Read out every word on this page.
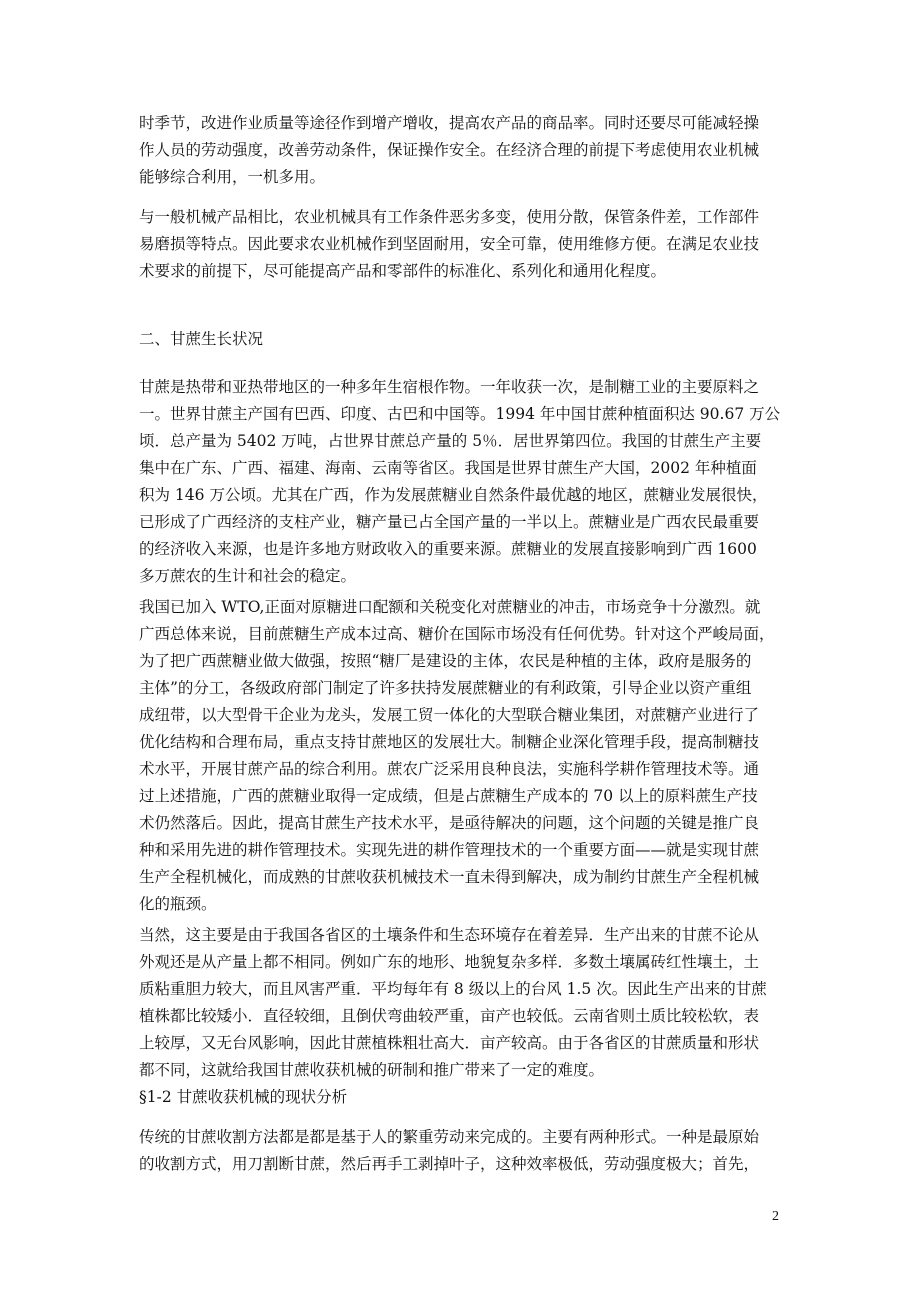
时季节，改进作业质量等途径作到增产增收，提高农产品的商品率。同时还要尽可能减轻操
作人员的劳动强度，改善劳动条件，保证操作安全。在经济合理的前提下考虑使用农业机械
能够综合利用，一机多用。
与一般机械产品相比，农业机械具有工作条件恶劣多变，使用分散，保管条件差，工作部件
易磨损等特点。因此要求农业机械作到坚固耐用，安全可靠，使用维修方便。在满足农业技
术要求的前提下，尽可能提高产品和零部件的标准化、系列化和通用化程度。
二、甘蔗生长状况
甘蔗是热带和亚热带地区的一种多年生宿根作物。一年收获一次，是制糖工业的主要原料之
一。世界甘蔗主产国有巴西、印度、古巴和中国等。1994 年中国甘蔗种植面积达 90.67 万公
顷．总产量为 5402 万吨，占世界甘蔗总产量的 5％．居世界第四位。我国的甘蔗生产主要
集中在广东、广西、福建、海南、云南等省区。我国是世界甘蔗生产大国，2002 年种植面
积为 146 万公顷。尤其在广西，作为发展蔗糖业自然条件最优越的地区，蔗糖业发展很快，
已形成了广西经济的支柱产业，糖产量已占全国产量的一半以上。蔗糖业是广西农民最重要
的经济收入来源，也是许多地方财政收入的重要来源。蔗糖业的发展直接影响到广西 1600
多万蔗农的生计和社会的稳定。
我国已加入 WTO,正面对原糖进口配额和关税变化对蔗糖业的冲击，市场竞争十分激烈。就
广西总体来说，目前蔗糖生产成本过高、糖价在国际市场没有任何优势。针对这个严峻局面，
为了把广西蔗糖业做大做强，按照“糖厂是建设的主体，农民是种植的主体，政府是服务的
主体”的分工，各级政府部门制定了许多扶持发展蔗糖业的有利政策，引导企业以资产重组
成纽带，以大型骨干企业为龙头，发展工贸一体化的大型联合糖业集团，对蔗糖产业进行了
优化结构和合理布局，重点支持甘蔗地区的发展壮大。制糖企业深化管理手段，提高制糖技
术水平，开展甘蔗产品的综合利用。蔗农广泛采用良种良法，实施科学耕作管理技术等。通
过上述措施，广西的蔗糖业取得一定成绩，但是占蔗糖生产成本的 70 以上的原料蔗生产技
术仍然落后。因此，提高甘蔗生产技术水平，是亟待解决的问题，这个问题的关键是推广良
种和采用先进的耕作管理技术。实现先进的耕作管理技术的一个重要方面——就是实现甘蔗
生产全程机械化，而成熟的甘蔗收获机械技术一直未得到解决，成为制约甘蔗生产全程机械
化的瓶颈。
当然，这主要是由于我国各省区的土壤条件和生态环境存在着差异．生产出来的甘蔗不论从
外观还是从产量上都不相同。例如广东的地形、地貌复杂多样．多数土壤属砖红性壤土，土
质粘重胆力较大，而且风害严重．平均每年有 8 级以上的台风 1.5 次。因此生产出来的甘蔗
植株都比较矮小．直径较细，且倒伏弯曲较严重，亩产也较低。云南省则土质比较松软，表
上较厚，又无台风影响，因此甘蔗植株粗壮高大．亩产较高。由于各省区的甘蔗质量和形状
都不同，这就给我国甘蔗收获机械的研制和推广带来了一定的难度。
§1-2 甘蔗收获机械的现状分析
传统的甘蔗收割方法都是都是基于人的繁重劳动来完成的。主要有两种形式。一种是最原始
的收割方式，用刀割断甘蔗，然后再手工剥掉叶子，这种效率极低，劳动强度极大；首先，
2
